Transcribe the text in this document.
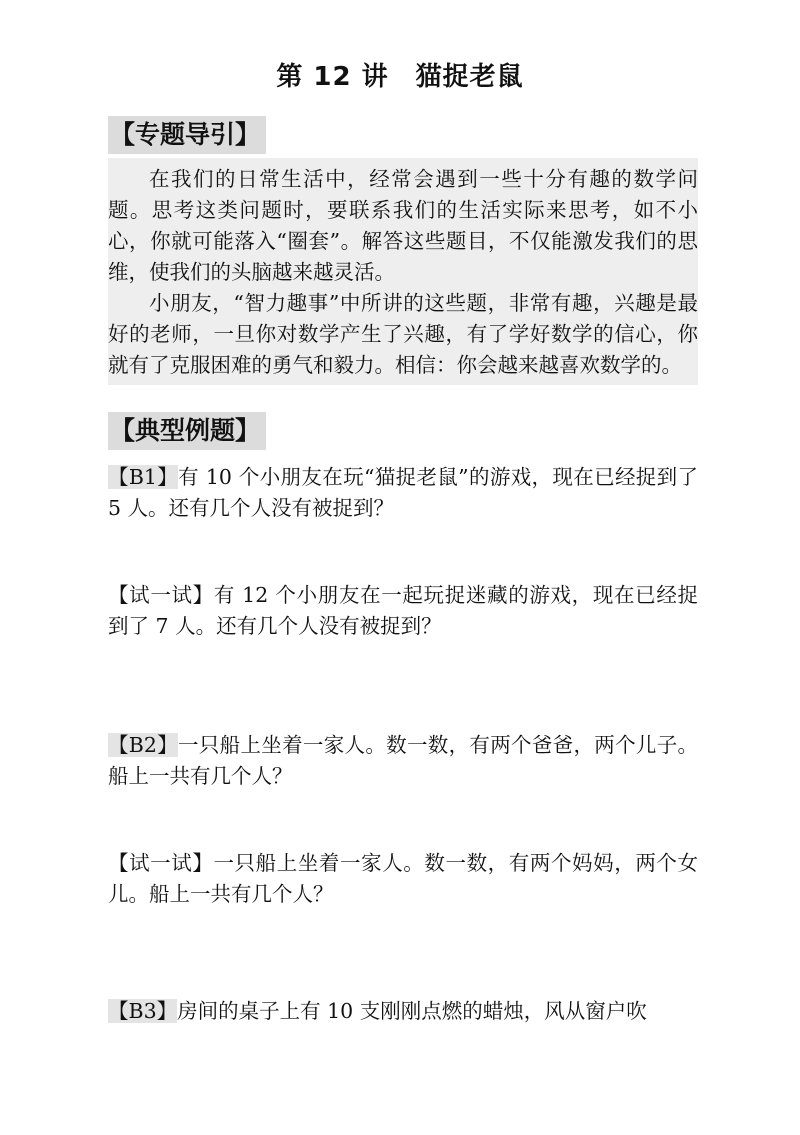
第 12 讲　猫捉老鼠
【专题导引】

在我们的日常生活中，经常会遇到一些十分有趣的数学问题。思考这类问题时，要联系我们的生活实际来思考，如不小心，你就可能落入“圈套”。解答这些题目，不仅能激发我们的思维，使我们的头脑越来越灵活。

小朋友，“智力趣事”中所讲的这些题，非常有趣，兴趣是最好的老师，一旦你对数学产生了兴趣，有了学好数学的信心，你就有了克服困难的勇气和毅力。相信：你会越来越喜欢数学的。

【典型例题】
【B1】有 10 个小朋友在玩“猫捉老鼠”的游戏，现在已经捉到了 5 人。还有几个人没有被捉到？
【试一试】有 12 个小朋友在一起玩捉迷藏的游戏，现在已经捉到了 7 人。还有几个人没有被捉到？
【B2】一只船上坐着一家人。数一数，有两个爸爸，两个儿子。船上一共有几个人？
【试一试】一只船上坐着一家人。数一数，有两个妈妈，两个女儿。船上一共有几个人？
【B3】房间的桌子上有 10 支刚刚点燃的蜡烛，风从窗户吹
